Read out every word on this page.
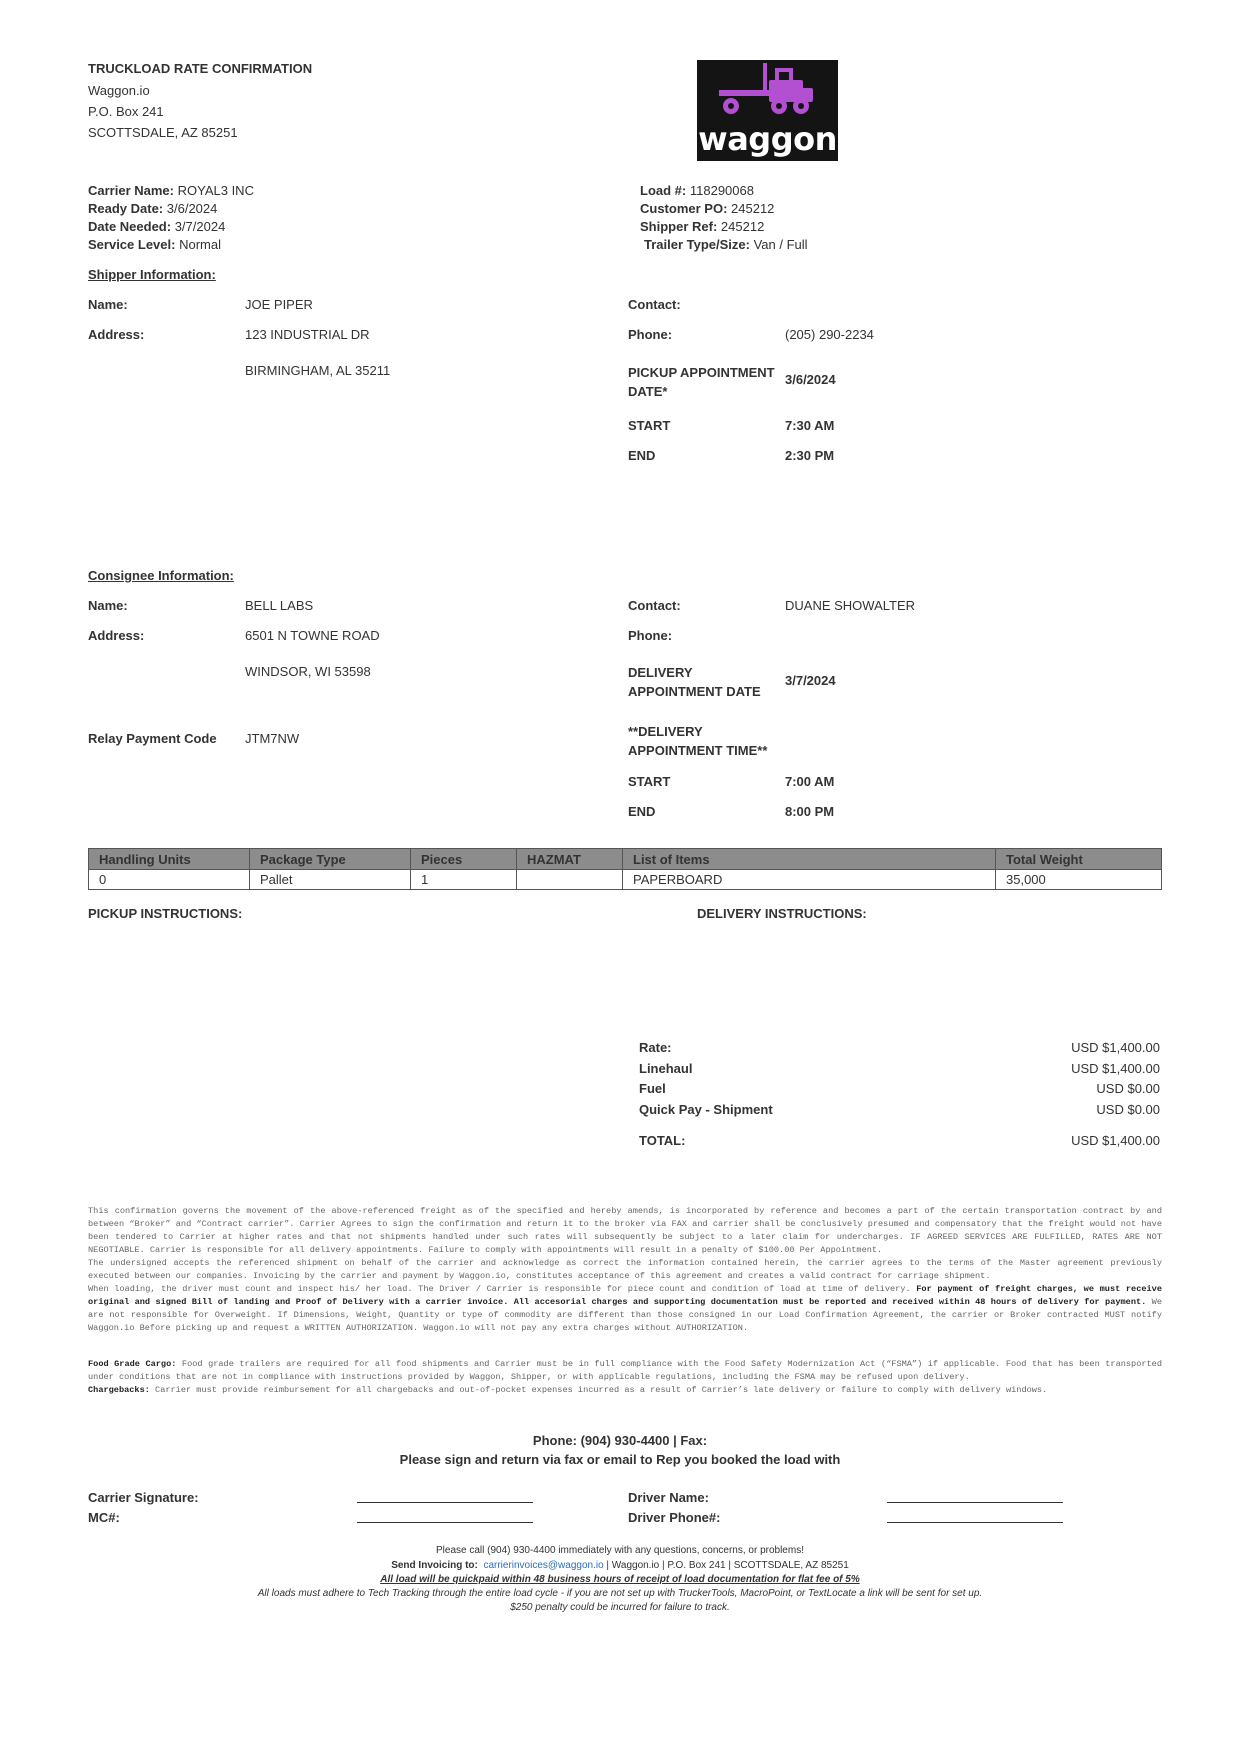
TRUCKLOAD RATE CONFIRMATION
Waggon.io
P.O. Box 241
SCOTTSDALE, AZ 85251	waggon
Carrier Name: ROYAL3 INC
Ready Date: 3/6/2024
Date Needed: 3/7/2024
Service Level: Normal
Load #: 118290068
Customer PO: 245212
Shipper Ref: 245212
Trailer Type/Size: Van / Full
Shipper Information:
Name:	JOE PIPER
Address:	123 INDUSTRIAL DR
BIRMINGHAM, AL 35211
Contact:
Phone:	(205) 290-2234
PICKUP APPOINTMENT
DATE*
3/6/2024
START	7:30 AM
END	2:30 PM
Consignee Information:
Name:	BELL LABS
Address:	6501 N TOWNE ROAD
WINDSOR, WI 53598
Relay Payment Code JTM7NW
Contact:	DUANE SHOWALTER
Phone:
DELIVERY
APPOINTMENT DATE
3/7/2024
**DELIVERY
APPOINTMENT TIME**
START	7:00 AM
END	8:00 PM
Handling Units	Package Type	Pieces	HAZMAT	List of Items	Total Weight
0	Pallet	1		PAPERBOARD	35,000
PICKUP INSTRUCTIONS:	DELIVERY INSTRUCTIONS:
Rate:	USD $1,400.00
Linehaul	USD $1,400.00
Fuel	USD $0.00
Quick Pay - Shipment	USD $0.00
TOTAL:	USD $1,400.00
This confirmation governs the movement of the above-referenced freight as of the specified and hereby amends, is incorporated by reference and becomes a part of the certain transportation contract by and between “Broker” and “Contract carrier”. Carrier Agrees to sign the confirmation and return it to the broker via FAX and carrier shall be conclusively presumed and compensatory that the freight would not have been tendered to Carrier at higher rates and that not shipments handled under such rates will subsequently be subject to a later claim for undercharges. IF AGREED SERVICES ARE FULFILLED, RATES ARE NOT NEGOTIABLE. Carrier is responsible for all delivery appointments. Failure to comply with appointments will result in a penalty of $100.00 Per Appointment.
The undersigned accepts the referenced shipment on behalf of the carrier and acknowledge as correct the information contained herein, the carrier agrees to the terms of the Master agreement previously executed between our companies. Invoicing by the carrier and payment by Waggon.io, constitutes acceptance of this agreement and creates a valid contract for carriage shipment.
When loading, the driver must count and inspect his/ her load. The Driver / Carrier is responsible for piece count and condition of load at time of delivery. For payment of freight charges, we must receive original and signed Bill of landing and Proof of Delivery with a carrier invoice. All accesorial charges and supporting documentation must be reported and received within 48 hours of delivery for payment. We are not responsible for Overweight. If Dimensions, Weight, Quantity or type of commodity are different than those consigned in our Load Confirmation Agreement, the carrier or Broker contracted MUST notify Waggon.io Before picking up and request a WRITTEN AUTHORIZATION. Waggon.io will not pay any extra charges without AUTHORIZATION.
Food Grade Cargo: Food grade trailers are required for all food shipments and Carrier must be in full compliance with the Food Safety Modernization Act (“FSMA”) if applicable. Food that has been transported under conditions that are not in compliance with instructions provided by Waggon, Shipper, or with applicable regulations, including the FSMA may be refused upon delivery.
Chargebacks: Carrier must provide reimbursement for all chargebacks and out-of-pocket expenses incurred as a result of Carrier’s late delivery or failure to comply with delivery windows.
Phone: (904) 930-4400 | Fax:
Please sign and return via fax or email to Rep you booked the load with
Carrier Signature:
MC#:
Driver Name:
Driver Phone#:
Please call (904) 930-4400 immediately with any questions, concerns, or problems!
Send Invoicing to: carrierinvoices@waggon.io | Waggon.io | P.O. Box 241 | SCOTTSDALE, AZ 85251
All load will be quickpaid within 48 business hours of receipt of load documentation for flat fee of 5%
All loads must adhere to Tech Tracking through the entire load cycle - if you are not set up with TruckerTools, MacroPoint, or TextLocate a link will be sent for set up.
$250 penalty could be incurred for failure to track.
